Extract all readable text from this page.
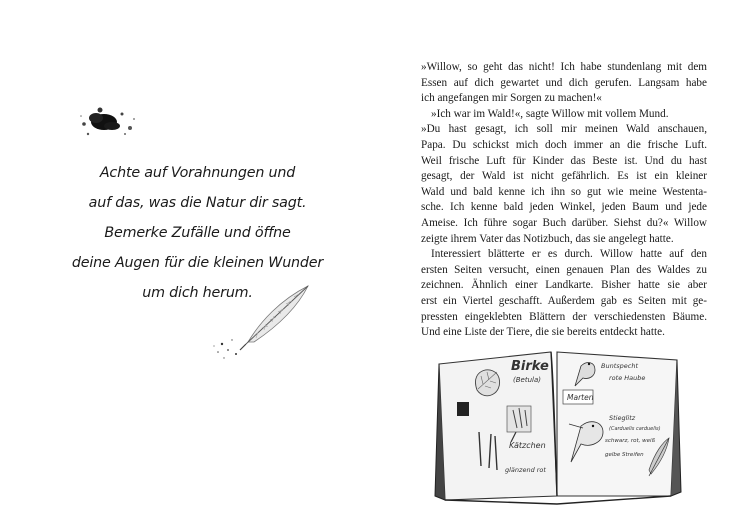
Achte auf Vorahnungen und
auf das, was die Natur dir sagt.
Bemerke Zufälle und öffne
deine Augen für die kleinen Wunder
um dich herum.
»Willow, so geht das nicht! Ich habe stundenlang mit dem
Essen auf dich gewartet und dich gerufen. Langsam habe
ich angefangen mir Sorgen zu machen!«
»Ich war im Wald!«, sagte Willow mit vollem Mund.
»Du hast gesagt, ich soll mir meinen Wald anschauen,
Papa. Du schickst mich doch immer an die frische Luft.
Weil frische Luft für Kinder das Beste ist. Und du hast
gesagt, der Wald ist nicht gefährlich. Es ist ein kleiner
Wald und bald kenne ich ihn so gut wie meine Westenta-
sche. Ich kenne bald jeden Winkel, jeden Baum und jede
Ameise. Ich führe sogar Buch darüber. Siehst du?« Willow
zeigte ihrem Vater das Notizbuch, das sie angelegt hatte.
Interessiert blätterte er es durch. Willow hatte auf den
ersten Seiten versucht, einen genauen Plan des Waldes zu
zeichnen. Ähnlich einer Landkarte. Bisher hatte sie aber
erst ein Viertel geschafft. Außerdem gab es Seiten mit ge-
pressten eingeklebten Blättern der verschiedensten Bäume.
Und eine Liste der Tiere, die sie bereits entdeckt hatte.
Birke
(Betula)
Kätzchen
glänzend rot
Buntspecht
rote Haube
Marten
Stieglitz
(Carduelis carduelis)
schwarz, rot, weiß
gelbe Streifen
